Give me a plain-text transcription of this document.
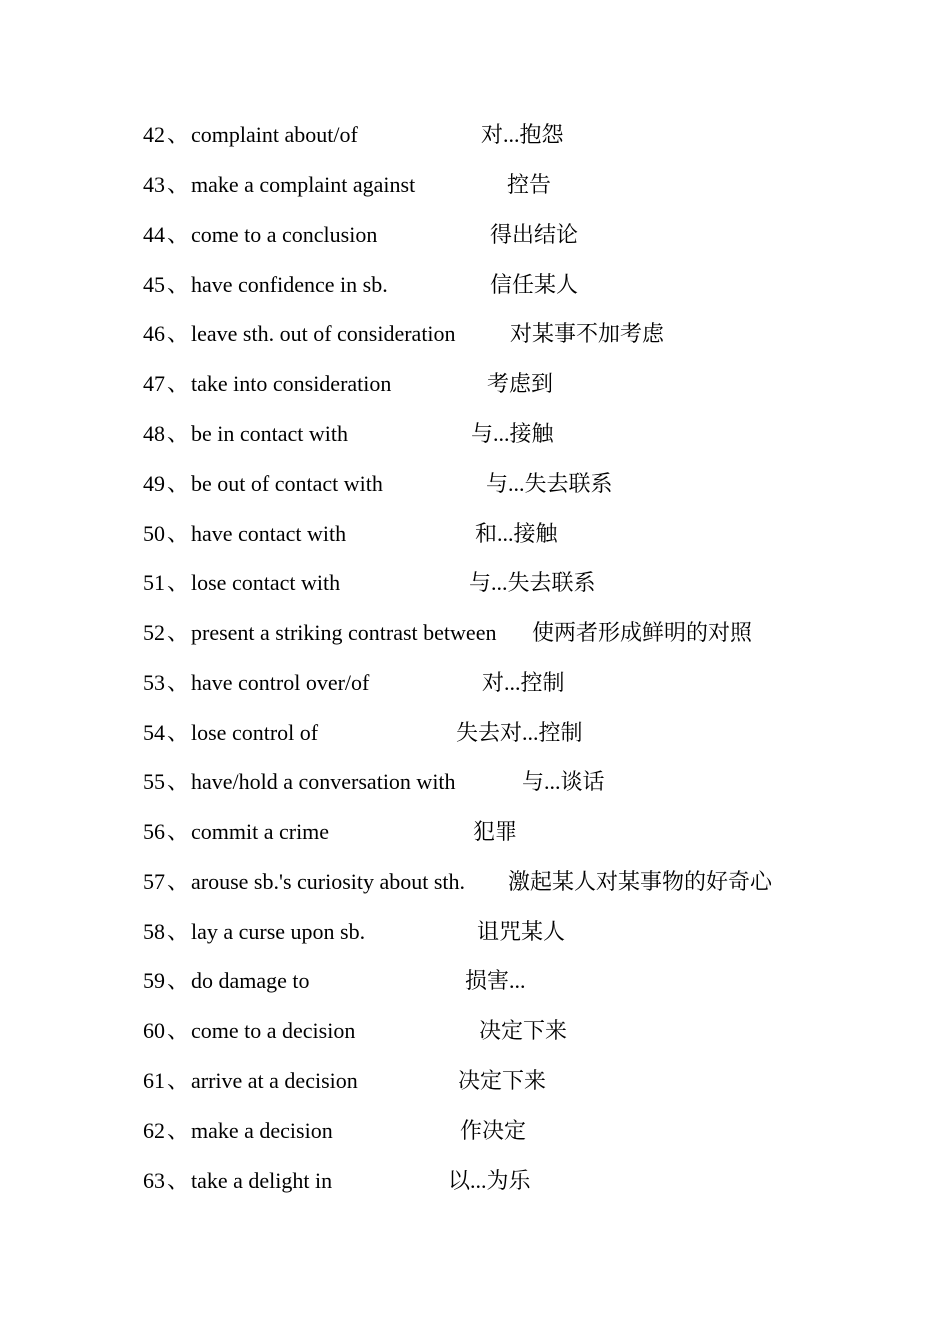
42 、 complaint about/of	对...抱怨
43 、 make a complaint against	控告
44 、 come to a conclusion	得出结论
45 、 have confidence in sb.	信任某人
46 、 leave sth. out of consideration 对某事不加考虑
47 、 take into consideration	考虑到
48 、 be in contact with	与...接触
49 、 be out of contact with	与...失去联系
50 、 have contact with	和...接触
51 、 lose contact with	与...失去联系
52 、 present a striking contrast between 使两者形成鲜明的对照
53 、 have control over/of	对...控制
54 、 lose control of	失去对...控制
55 、 have/hold a conversation with	与...谈话
56 、 commit a crime	犯罪
57 、 arouse sb.'s curiosity about sth. 激起某人对某事物的好奇心
58 、 lay a curse upon sb.	诅咒某人
59 、 do damage to	损害...
60 、 come to a decision	决定下来
61 、 arrive at a decision	决定下来
62 、 make a decision	作决定
63 、 take a delight in	以...为乐
